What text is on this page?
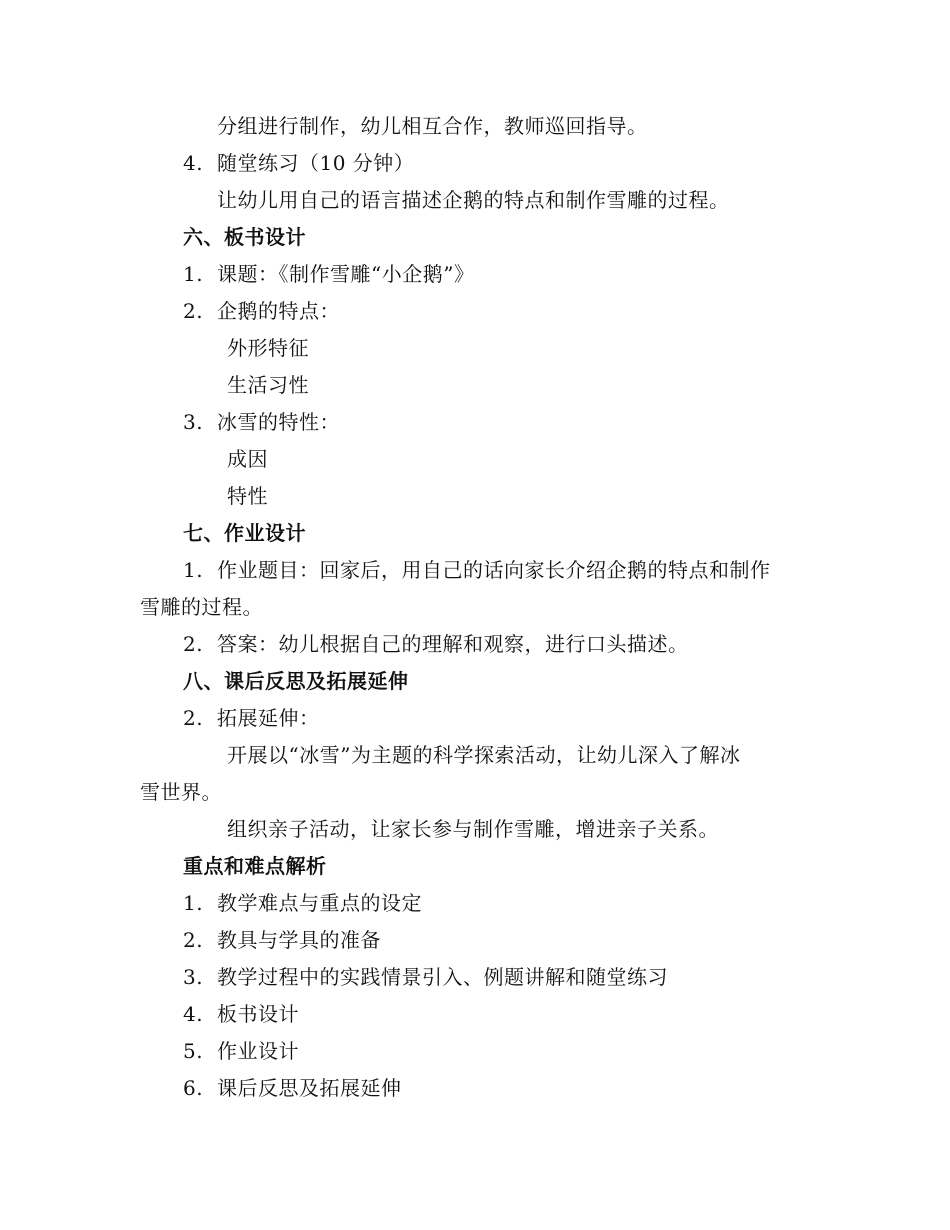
分组进行制作，幼儿相互合作，教师巡回指导。
4. 随堂练习（10 分钟）
让幼儿用自己的语言描述企鹅的特点和制作雪雕的过程。
六、板书设计
1. 课题：《制作雪雕“小企鹅”》
2. 企鹅的特点：
外形特征
生活习性
3. 冰雪的特性：
成因
特性
七、作业设计
1. 作业题目：回家后，用自己的话向家长介绍企鹅的特点和制作
雪雕的过程。
2. 答案：幼儿根据自己的理解和观察，进行口头描述。
八、课后反思及拓展延伸
2. 拓展延伸：
开展以“冰雪”为主题的科学探索活动，让幼儿深入了解冰
雪世界。
组织亲子活动，让家长参与制作雪雕，增进亲子关系。
重点和难点解析
1. 教学难点与重点的设定
2. 教具与学具的准备
3. 教学过程中的实践情景引入、例题讲解和随堂练习
4. 板书设计
5. 作业设计
6. 课后反思及拓展延伸
